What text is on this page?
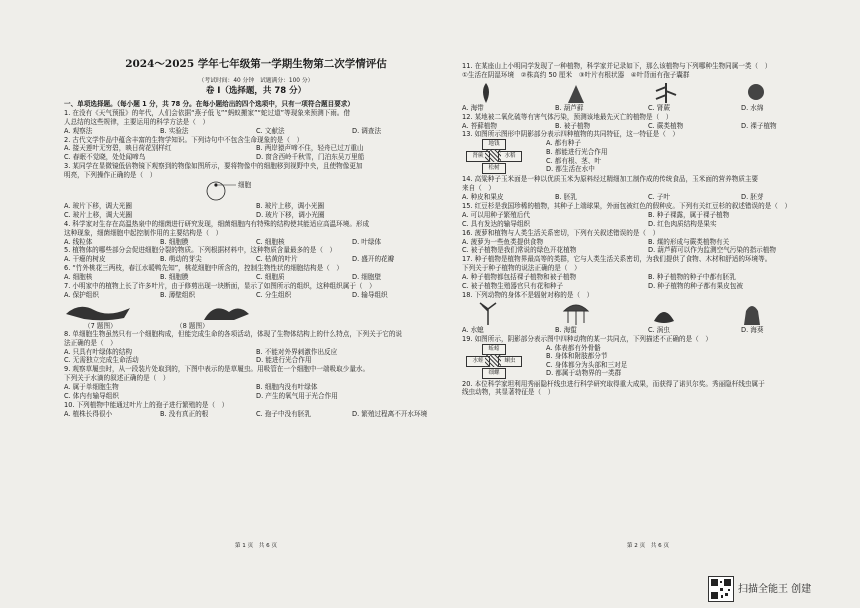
2024～2025 学年七年级第一学期生物第二次学情评估
（考试时间：40 分钟　试题满分：100 分）
卷 I（选择题，共 78 分）
一、单项选择题。（每小题 1 分，共 78 分。在每小题给出的四个选项中，只有一项符合题目要求）
1. 在没有《天气预报》的年代，人们会依据“燕子低飞”“蚂蚁搬家”“蛇过道”等现象来预测下雨。借
人总结的这些规律，主要运用的科学方法是（　）
A. 观察法	B. 实验法	C. 文献法	D. 调查法
2. 古代文学作品中蕴含丰富的生物学知识。下列诗句中不包含生命现象的是（　）
A. 接天莲叶无穷碧，映日荷花别样红	B. 两岸猿声啼不住，轻舟已过万重山
C. 春眠不觉晓，处处闻啼鸟	D. 窗含西岭千秋雪，门泊东吴万里船
3. 某同学在显微镜低倍物镜下观察到的物像如图所示，要将物像中的细胞移到视野中央，且使物像更加
明亮，下列操作正确的是（　）
细胞
A. 玻片下移，调大光圈	B. 玻片上移，调小光圈
C. 玻片上移，调大光圈	D. 玻片下移，调小光圈
4. 科学家对生存在高温热泉中的细菌进行研究发现，细菌细胞内有特殊的结构使其能适应高温环境。形成
这种现象，细菌细胞中起控制作用的主要结构是（　）
A. 线粒体	B. 细胞膜	C. 细胞核	D. 叶绿体
5. 植物体的哪些部分会促进细胞分裂的物质。下列根据材料中，这种物质含量最多的是（　）
A. 干瘪的树皮	B. 萌动的芽尖	C. 枯黄的叶片	D. 盛开的花瓣
6. “竹外桃花三两枝，春江水暖鸭先知”，桃花细胞中所含的，控制生物性状的细胞结构是（　）
A. 细胞核	B. 细胞膜	C. 细胞质	D. 细胞壁
7. 小明家中的植物上长了许多叶片，由于修剪出现一块断面，显示了如图所示的组织，这种组织属于（　）
A. 保护组织	B. 薄壁组织	C. 分生组织	D. 输导组织
（7 题图）　　　　　　　　　　（8 题图）
8. 单细胞生物虽然只有一个细胞构成，但能完成生命的各项活动，体现了生物体结构上的什么特点，下列关于它的说
法正确的是（　）
A. 只具有叶绿体的结构	B. 不能对外界刺激作出反应
C. 无需独立完成生命活动	D. 能进行光合作用
9. 观察草履虫时，从一段装片处取到的，下图中表示的是草履虫。用吸管在一个细胞中一端吸取少量水。
下列关于水滴的叙述正确的是（　）
A. 属于单细胞生物	B. 细胞内没有叶绿体
C. 体内有输导组织	D. 产生的氧气用于光合作用
10. 下列植物中能通过叶片上的孢子进行繁殖的是（　）
A. 植株长得很小	B. 没有真正的根	C. 孢子中没有胚乳	D. 繁殖过程离不开水环境
第 1 页　共 6 页
11. 在某座山上小明同学发现了一种植物，科学家并记录如下，那么该植物与下列哪种生物同属一类（　）
①生活在阴湿环境　②株高约 50 厘米　③叶片有根状器　④叶背面有孢子囊群
A. 海带	B. 葫芦藓	C. 肾蕨	D. 水绵
12. 某地被二氧化硫等有害气体污染，预测该地最先灭亡的植物是（　）
A. 苔藓植物	B. 被子植物	C. 蕨类植物	D. 裸子植物
13. 如图所示图形中阴影部分表示四种植物的共同特征，这一特征是（　）
地钱
肾蕨	水稻
松树
A. 都有种子
B. 都能进行光合作用
C. 都有根、茎、叶
D. 都生活在水中
14. 高粱种子玉米面是一种以优质玉米为原料经过精细加工制作成的传统食品，玉米面的营养物质主要
来自（　）
A. 种皮和果皮	B. 胚乳	C. 子叶	D. 胚芽
15. 红豆杉是我国珍稀的植物，其种子上端球果，外面包被红色的假种皮。下列有关红豆杉的叙述错误的是（　）
A. 可以用种子繁殖后代	B. 种子裸露，属于裸子植物
C. 具有发达的输导组织	D. 红色肉质结构是果实
16. 菠萝和植物与人类生活关系密切，下列有关叙述错误的是（　）
A. 菠萝为一些鱼类提供食物	B. 煤的形成与蕨类植物有关
C. 被子植物是我们常说的绿色开花植物	D. 葫芦藓可以作为监测空气污染的指示植物
17. 种子植物是植物界最高等的类群，它与人类生活关系密切，为我们提供了食物、木材和舒适的环境等。
下列关于种子植物的说法正确的是（　）
A. 种子植物都包括裸子植物和被子植物	B. 种子植物的种子中都有胚乳
C. 被子植物生殖器官只有花和种子	D. 种子植物的种子都有果皮包被
18. 下列动物的身体不是辐射对称的是（　）
A. 水螅	B. 海蜇	C. 涡虫	D. 海葵
19. 如图所示，阴影部分表示图中四种动物的某一共同点，下列描述不正确的是（　）
蚯蚓
水蛭	蛔虫
细螺
A. 体表都有外骨骼
B. 身体和附肢都分节
C. 身体都分为头部和三对足
D. 都属于动物界的一类群
20. 本位科学家坦利用秀丽隐杆线虫进行科学研究取得重大成果，而获得了诺贝尔奖。秀丽隐杆线虫属于
线虫动物，其显著特征是（　）
第 2 页　共 6 页
扫描全能王 创建
